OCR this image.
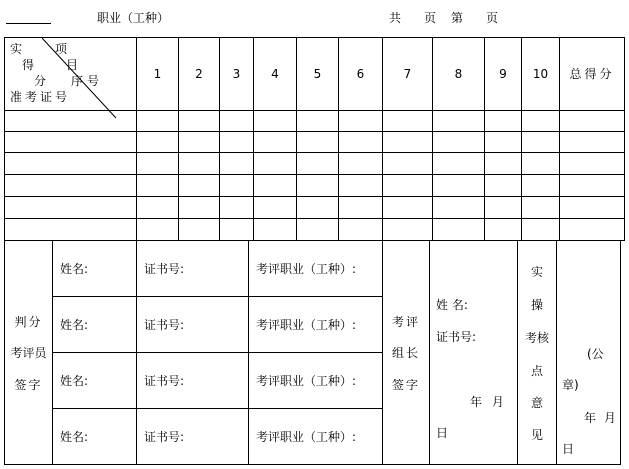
职业（工种）	共 页 第 页
实	项
得	目
分 序号
准考证号
1	2	3	4	5	6	7	8	9	10	总得分
判分
考评员
签字
姓名:	证书号:	考评职业（工种）:
姓名:	证书号:	考评职业（工种）:
姓名:	证书号:	考评职业（工种）:
姓名:	证书号:	考评职业（工种）:
考评
组长
签字
姓 名:
证书号:
年 月
日
实
操
考核
点
意
见
(公
章)
年 月
日
